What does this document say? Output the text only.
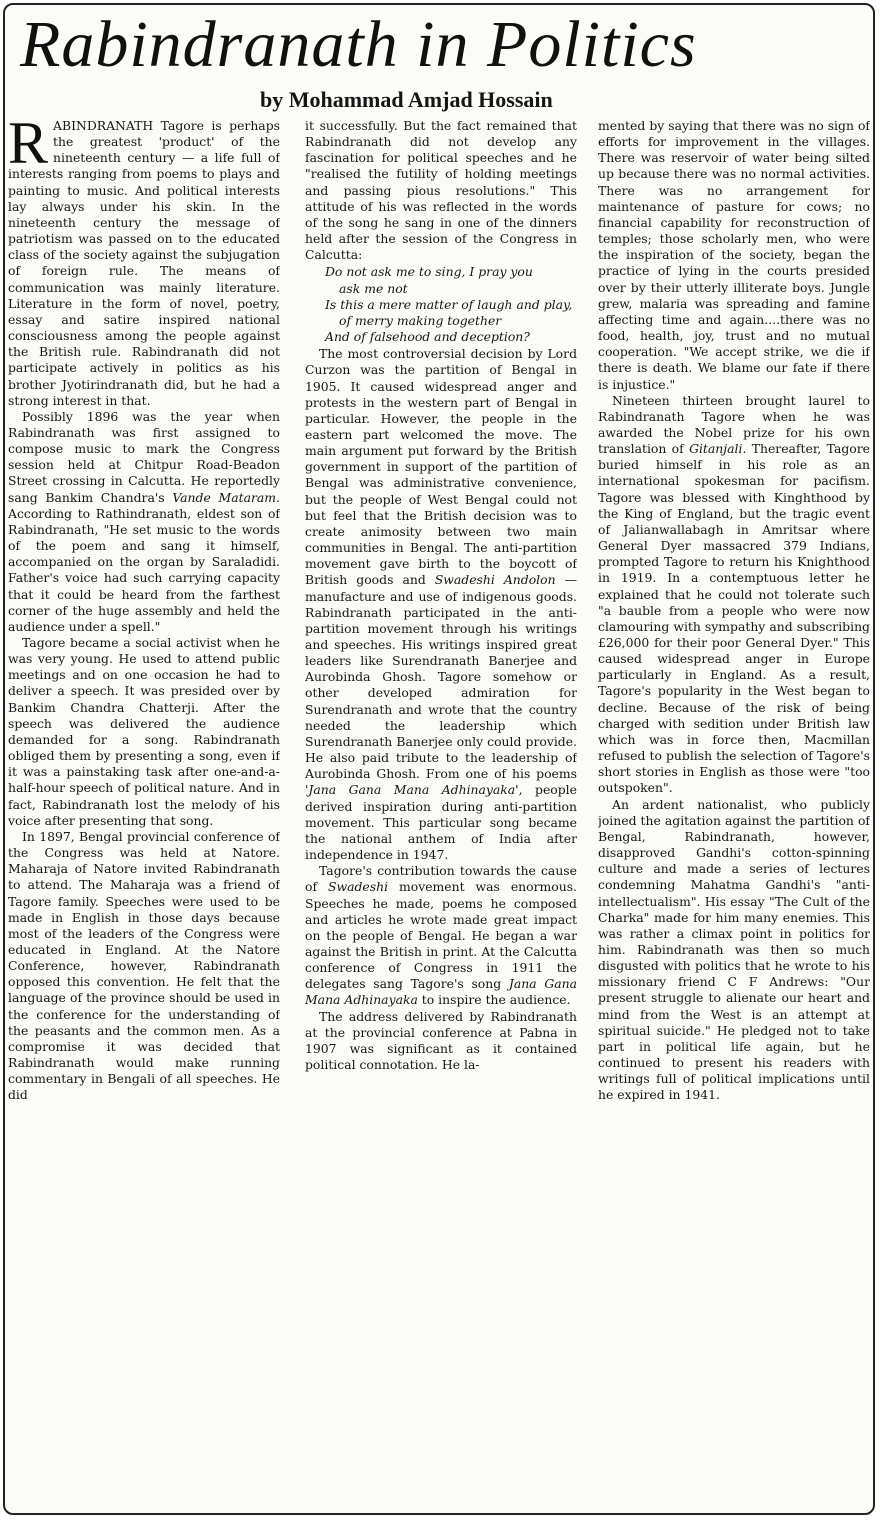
Rabindranath in Politics
by Mohammad Amjad Hossain

RABINDRANATH Tagore is perhaps the greatest 'product' of the nineteenth century — a life full of interests ranging from poems to plays and painting to music. And political interests lay always under his skin. In the nineteenth century the message of patriotism was passed on to the educated class of the society against the subjugation of foreign rule. The means of communication was mainly literature. Literature in the form of novel, poetry, essay and satire inspired national consciousness among the people against the British rule. Rabindranath did not participate actively in politics as his brother Jyotirindranath did, but he had a strong interest in that.

Possibly 1896 was the year when Rabindranath was first assigned to compose music to mark the Congress session held at Chitpur Road-Beadon Street crossing in Calcutta. He reportedly sang Bankim Chandra's Vande Mataram. According to Rathindranath, eldest son of Rabindranath, "He set music to the words of the poem and sang it himself, accompanied on the organ by Saraladidi. Father's voice had such carrying capacity that it could be heard from the farthest corner of the huge assembly and held the audience under a spell."

Tagore became a social activist when he was very young. He used to attend public meetings and on one occasion he had to deliver a speech. It was presided over by Bankim Chandra Chatterji. After the speech was delivered the audience demanded for a song. Rabindranath obliged them by presenting a song, even if it was a painstaking task after one-and-a-half-hour speech of political nature. And in fact, Rabindranath lost the melody of his voice after presenting that song.

In 1897, Bengal provincial conference of the Congress was held at Natore. Maharaja of Natore invited Rabindranath to attend. The Maharaja was a friend of Tagore family. Speeches were used to be made in English in those days because most of the leaders of the Congress were educated in England. At the Natore Conference, however, Rabindranath opposed this convention. He felt that the language of the province should be used in the conference for the understanding of the peasants and the common men. As a compromise it was decided that Rabindranath would make running commentary in Bengali of all speeches. He did

it successfully. But the fact remained that Rabindranath did not develop any fascination for political speeches and he "realised the futility of holding meetings and passing pious resolutions." This attitude of his was reflected in the words of the song he sang in one of the dinners held after the session of the Congress in Calcutta:

Do not ask me to sing, I pray you
ask me not
Is this a mere matter of laugh and play,
of merry making together
And of falsehood and deception?

The most controversial decision by Lord Curzon was the partition of Bengal in 1905. It caused widespread anger and protests in the western part of Bengal in particular. However, the people in the eastern part welcomed the move. The main argument put forward by the British government in support of the partition of Bengal was administrative convenience, but the people of West Bengal could not but feel that the British decision was to create animosity between two main communities in Bengal. The anti-partition movement gave birth to the boycott of British goods and Swadeshi Andolon — manufacture and use of indigenous goods. Rabindranath participated in the anti-partition movement through his writings and speeches. His writings inspired great leaders like Surendranath Banerjee and Aurobinda Ghosh. Tagore somehow or other developed admiration for Surendranath and wrote that the country needed the leadership which Surendranath Banerjee only could provide. He also paid tribute to the leadership of Aurobinda Ghosh. From one of his poems 'Jana Gana Mana Adhinayaka', people derived inspiration during anti-partition movement. This particular song became the national anthem of India after independence in 1947.

Tagore's contribution towards the cause of Swadeshi movement was enormous. Speeches he made, poems he composed and articles he wrote made great impact on the people of Bengal. He began a war against the British in print. At the Calcutta conference of Congress in 1911 the delegates sang Tagore's song Jana Gana Mana Adhinayaka to inspire the audience.

The address delivered by Rabindranath at the provincial conference at Pabna in 1907 was significant as it contained political connotation. He la-

mented by saying that there was no sign of efforts for improvement in the villages. There was reservoir of water being silted up because there was no normal activities. There was no arrangement for maintenance of pasture for cows; no financial capability for reconstruction of temples; those scholarly men, who were the inspiration of the society, began the practice of lying in the courts presided over by their utterly illiterate boys. Jungle grew, malaria was spreading and famine affecting time and again....there was no food, health, joy, trust and no mutual cooperation. "We accept strike, we die if there is death. We blame our fate if there is injustice."

Nineteen thirteen brought laurel to Rabindranath Tagore when he was awarded the Nobel prize for his own translation of Gitanjali. Thereafter, Tagore buried himself in his role as an international spokesman for pacifism. Tagore was blessed with Kinghthood by the King of England, but the tragic event of Jalianwallabagh in Amritsar where General Dyer massacred 379 Indians, prompted Tagore to return his Knighthood in 1919. In a contemptuous letter he explained that he could not tolerate such "a bauble from a people who were now clamouring with sympathy and subscribing £26,000 for their poor General Dyer." This caused widespread anger in Europe particularly in England. As a result, Tagore's popularity in the West began to decline. Because of the risk of being charged with sedition under British law which was in force then, Macmillan refused to publish the selection of Tagore's short stories in English as those were "too outspoken".

An ardent nationalist, who publicly joined the agitation against the partition of Bengal, Rabindranath, however, disapproved Gandhi's cotton-spinning culture and made a series of lectures condemning Mahatma Gandhi's "anti-intellectualism". His essay "The Cult of the Charka" made for him many enemies. This was rather a climax point in politics for him. Rabindranath was then so much disgusted with politics that he wrote to his missionary friend C F Andrews: "Our present struggle to alienate our heart and mind from the West is an attempt at spiritual suicide." He pledged not to take part in political life again, but he continued to present his readers with writings full of political implications until he expired in 1941.
